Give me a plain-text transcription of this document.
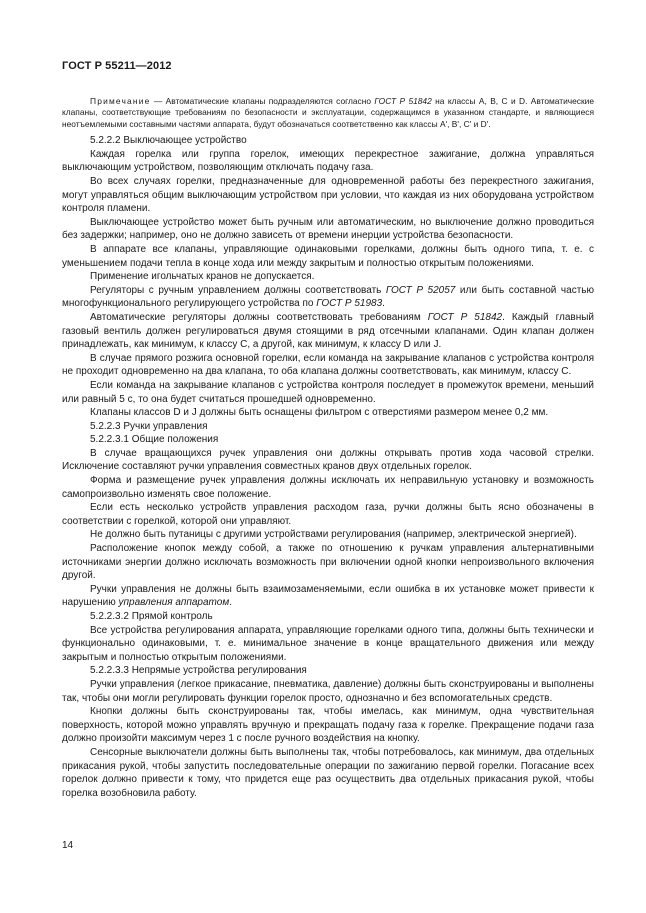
ГОСТ Р 55211—2012

Примечание — Автоматические клапаны подразделяются согласно ГОСТ Р 51842 на классы A, B, C и D. Автоматические клапаны, соответствующие требованиям по безопасности и эксплуатации, содержащимся в указанном стандарте, и являющиеся неотъемлемыми составными частями аппарата, будут обозначаться соответственно как классы A', B', C' и D'.

5.2.2.2 Выключающее устройство

Каждая горелка или группа горелок, имеющих перекрестное зажигание, должна управляться выключающим устройством, позволяющим отключать подачу газа.

Во всех случаях горелки, предназначенные для одновременной работы без перекрестного зажигания, могут управляться общим выключающим устройством при условии, что каждая из них оборудована устройством контроля пламени.

Выключающее устройство может быть ручным или автоматическим, но выключение должно проводиться без задержки; например, оно не должно зависеть от времени инерции устройства безопасности.

В аппарате все клапаны, управляющие одинаковыми горелками, должны быть одного типа, т. е. с уменьшением подачи тепла в конце хода или между закрытым и полностью открытым положениями.

Применение игольчатых кранов не допускается.

Регуляторы с ручным управлением должны соответствовать ГОСТ Р 52057 или быть составной частью многофункционального регулирующего устройства по ГОСТ Р 51983.

Автоматические регуляторы должны соответствовать требованиям ГОСТ Р 51842. Каждый главный газовый вентиль должен регулироваться двумя стоящими в ряд отсечными клапанами. Один клапан должен принадлежать, как минимум, к классу C, а другой, как минимум, к классу D или J.

В случае прямого розжига основной горелки, если команда на закрывание клапанов с устройства контроля не проходит одновременно на два клапана, то оба клапана должны соответствовать, как минимум, классу C.

Если команда на закрывание клапанов с устройства контроля последует в промежуток времени, меньший или равный 5 с, то она будет считаться прошедшей одновременно.

Клапаны классов D и J должны быть оснащены фильтром с отверстиями размером менее 0,2 мм.

5.2.2.3 Ручки управления

5.2.2.3.1 Общие положения

В случае вращающихся ручек управления они должны открывать против хода часовой стрелки. Исключение составляют ручки управления совместных кранов двух отдельных горелок.

Форма и размещение ручек управления должны исключать их неправильную установку и возможность самопроизвольно изменять свое положение.

Если есть несколько устройств управления расходом газа, ручки должны быть ясно обозначены в соответствии с горелкой, которой они управляют.

Не должно быть путаницы с другими устройствами регулирования (например, электрической энергией).

Расположение кнопок между собой, а также по отношению к ручкам управления альтернативными источниками энергии должно исключать возможность при включении одной кнопки непроизвольного включения другой.

Ручки управления не должны быть взаимозаменяемыми, если ошибка в их установке может привести к нарушению управления аппаратом.

5.2.2.3.2 Прямой контроль

Все устройства регулирования аппарата, управляющие горелками одного типа, должны быть технически и функционально одинаковыми, т. е. минимальное значение в конце вращательного движения или между закрытым и полностью открытым положениями.

5.2.2.3.3 Непрямые устройства регулирования

Ручки управления (легкое прикасание, пневматика, давление) должны быть сконструированы и выполнены так, чтобы они могли регулировать функции горелок просто, однозначно и без вспомогательных средств.

Кнопки должны быть сконструированы так, чтобы имелась, как минимум, одна чувствительная поверхность, которой можно управлять вручную и прекращать подачу газа к горелке. Прекращение подачи газа должно произойти максимум через 1 с после ручного воздействия на кнопку.

Сенсорные выключатели должны быть выполнены так, чтобы потребовалось, как минимум, два отдельных прикасания рукой, чтобы запустить последовательные операции по зажиганию первой горелки. Погасание всех горелок должно привести к тому, что придется еще раз осуществить два отдельных прикасания рукой, чтобы горелка возобновила работу.

14
